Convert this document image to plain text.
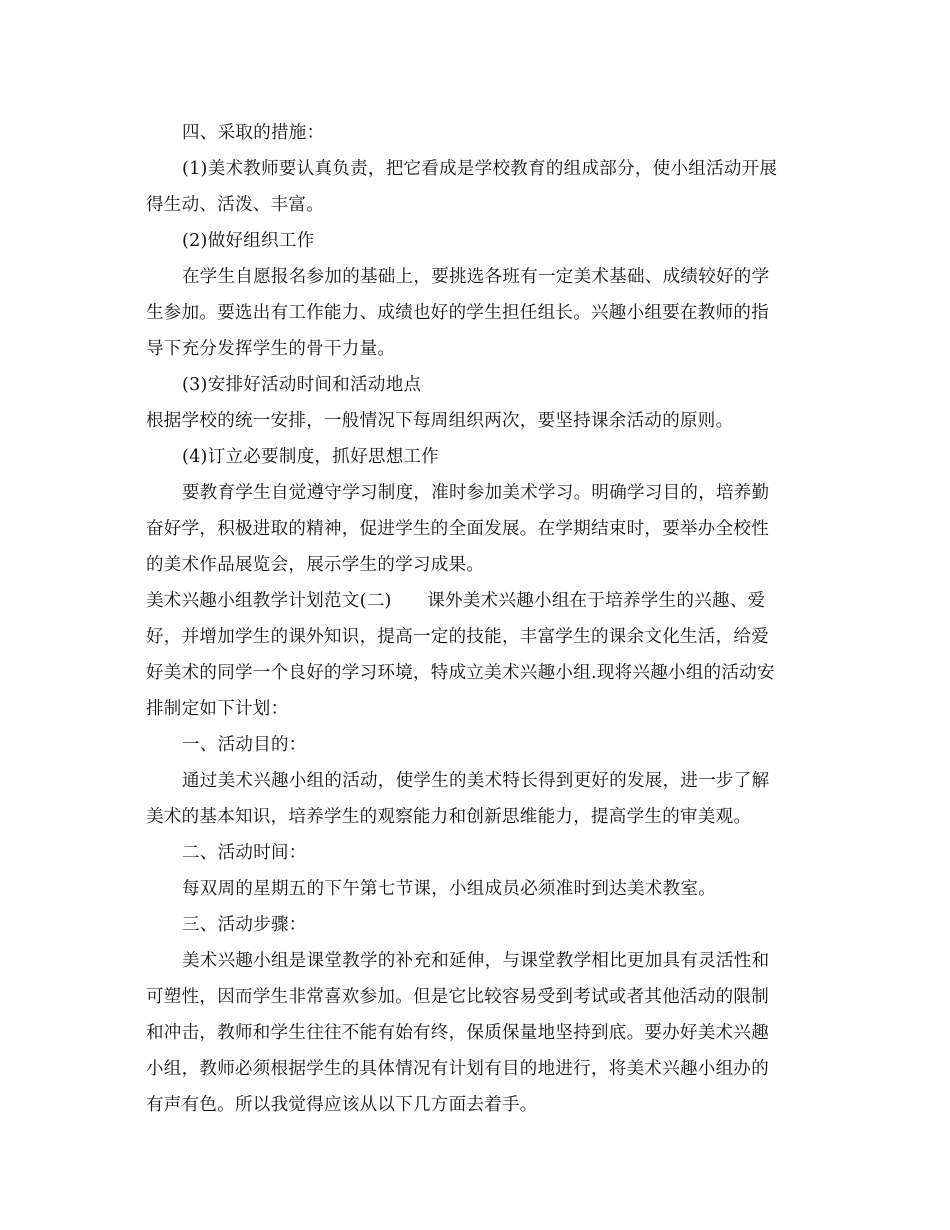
四、采取的措施：
(1)美术教师要认真负责，把它看成是学校教育的组成部分，使小组活动开展
得生动、活泼、丰富。
(2)做好组织工作
在学生自愿报名参加的基础上，要挑选各班有一定美术基础、成绩较好的学
生参加。要选出有工作能力、成绩也好的学生担任组长。兴趣小组要在教师的指
导下充分发挥学生的骨干力量。
(3)安排好活动时间和活动地点
根据学校的统一安排，一般情况下每周组织两次，要坚持课余活动的原则。
(4)订立必要制度，抓好思想工作
要教育学生自觉遵守学习制度，准时参加美术学习。明确学习目的，培养勤
奋好学，积极进取的精神，促进学生的全面发展。在学期结束时，要举办全校性
的美术作品展览会，展示学生的学习成果。
美术兴趣小组教学计划范文(二)　　课外美术兴趣小组在于培养学生的兴趣、爱
好，并增加学生的课外知识，提高一定的技能，丰富学生的课余文化生活，给爱
好美术的同学一个良好的学习环境，特成立美术兴趣小组.现将兴趣小组的活动安
排制定如下计划：
一、活动目的：
通过美术兴趣小组的活动，使学生的美术特长得到更好的发展，进一步了解
美术的基本知识，培养学生的观察能力和创新思维能力，提高学生的审美观。
二、活动时间：
每双周的星期五的下午第七节课，小组成员必须准时到达美术教室。
三、活动步骤：
美术兴趣小组是课堂教学的补充和延伸，与课堂教学相比更加具有灵活性和
可塑性，因而学生非常喜欢参加。但是它比较容易受到考试或者其他活动的限制
和冲击，教师和学生往往不能有始有终，保质保量地坚持到底。要办好美术兴趣
小组，教师必须根据学生的具体情况有计划有目的地进行，将美术兴趣小组办的
有声有色。所以我觉得应该从以下几方面去着手。
